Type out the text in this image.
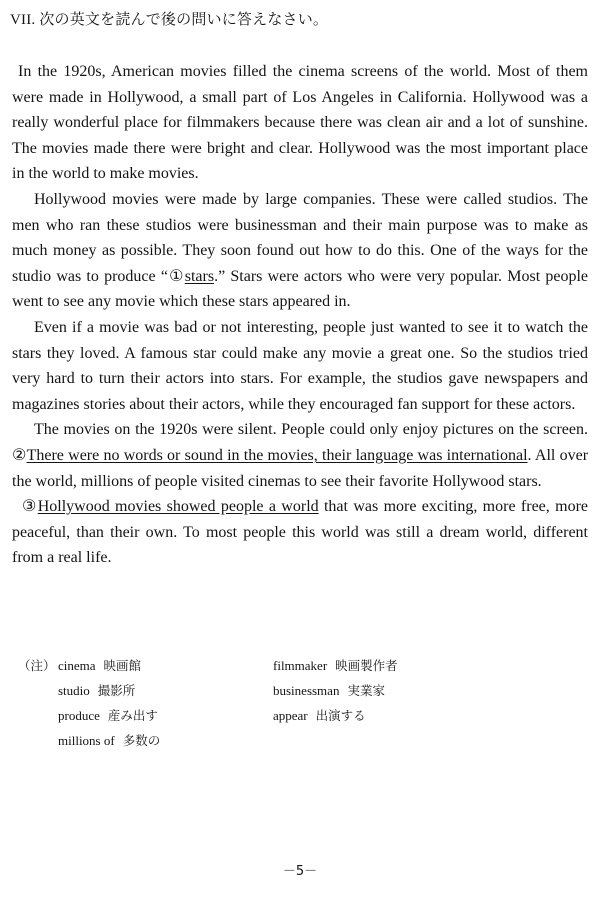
VII. 次の英文を読んで後の問いに答えなさい。

In the 1920s, American movies filled the cinema screens of the world. Most of them were made in Hollywood, a small part of Los Angeles in California. Hollywood was a really wonderful place for filmmakers because there was clean air and a lot of sunshine. The movies made there were bright and clear. Hollywood was the most important place in the world to make movies.

Hollywood movies were made by large companies. These were called studios. The men who ran these studios were businessman and their main purpose was to make as much money as possible. They soon found out how to do this. One of the ways for the studio was to produce “①stars.” Stars were actors who were very popular. Most people went to see any movie which these stars appeared in.

Even if a movie was bad or not interesting, people just wanted to see it to watch the stars they loved. A famous star could make any movie a great one. So the studios tried very hard to turn their actors into stars. For example, the studios gave newspapers and magazines stories about their actors, while they encouraged fan support for these actors.

The movies on the 1920s were silent. People could only enjoy pictures on the screen. ②There were no words or sound in the movies, their language was international. All over the world, millions of people visited cinemas to see their favorite Hollywood stars.

③Hollywood movies showed people a world that was more exciting, more free, more peaceful, than their own. To most people this world was still a dream world, different from a real life.

（注） cinema 映画館	filmmaker 映画製作者
studio 撮影所	businessman 実業家
produce 産み出す	appear 出演する
millions of 多数の
－5－
